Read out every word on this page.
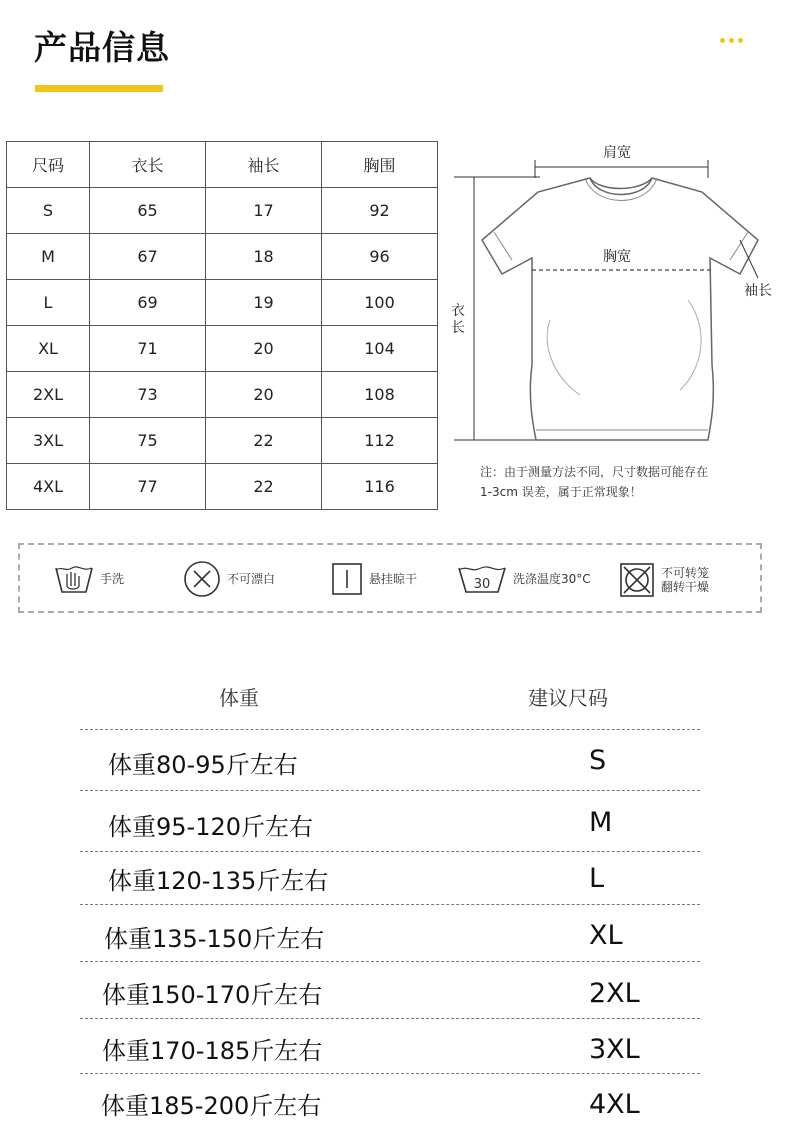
产品信息
尺码	衣长	袖长	胸围
S	65	17	92
M	67	18	96
L	69	19	100
XL	71	20	104
2XL	73	20	108
3XL	75	22	112
4XL	77	22	116
肩宽
胸宽
袖长
衣
长
注：由于测量方法不同，尺寸数据可能存在
1-3cm 误差，属于正常现象！
手洗	不可漂白	悬挂晾干	30 洗涤温度30°C	不可转笼
翻转干燥
体重	建议尺码
体重80-95斤左右	S
体重95-120斤左右	M
体重120-135斤左右	L
体重135-150斤左右	XL
体重150-170斤左右	2XL
体重170-185斤左右	3XL
体重185-200斤左右	4XL
